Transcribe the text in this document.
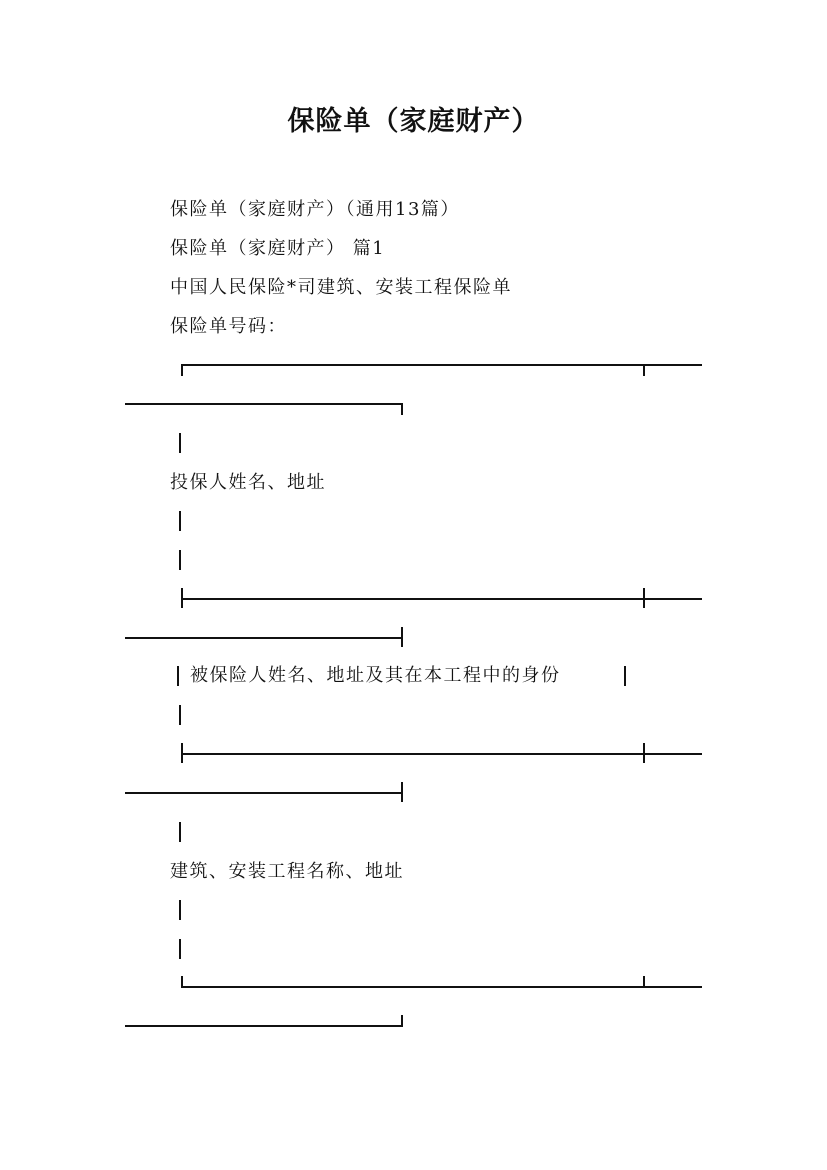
保险单（家庭财产）
保险单（家庭财产）（通用13篇）
保险单（家庭财产） 篇1
中国人民保险*司建筑、安装工程保险单
保险单号码：
投保人姓名、地址
被保险人姓名、地址及其在本工程中的身份
建筑、安装工程名称、地址
